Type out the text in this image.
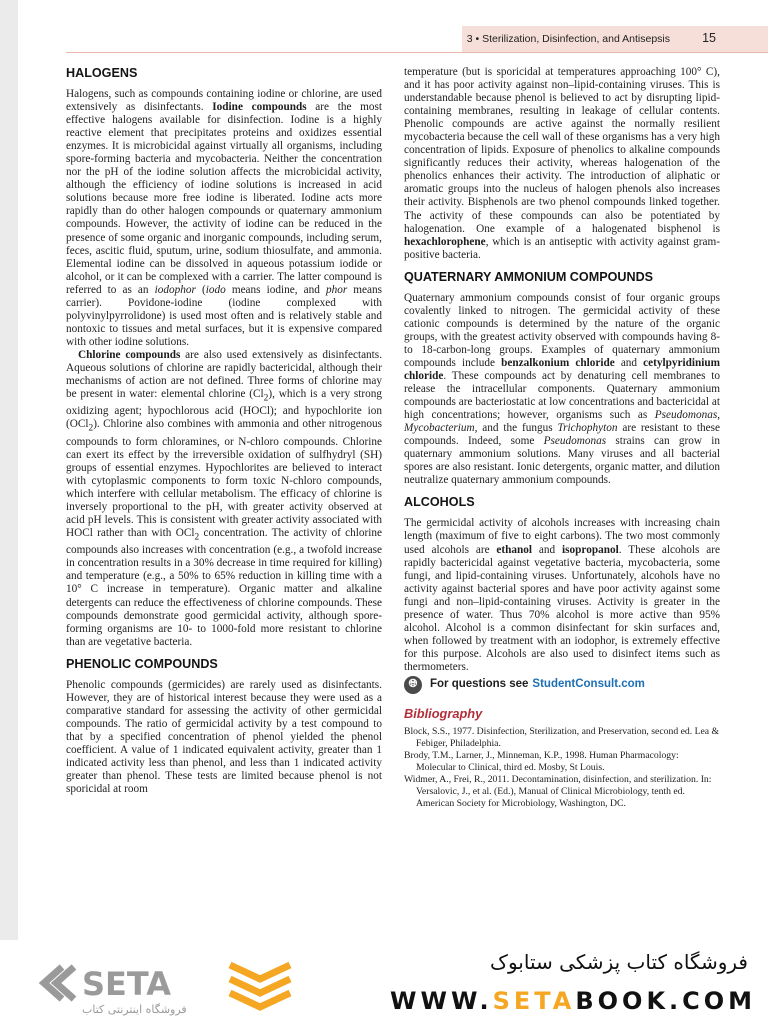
3 • Sterilization, Disinfection, and Antisepsis	15
HALOGENS

Halogens, such as compounds containing iodine or chlorine, are used extensively as disinfectants. Iodine compounds are the most effective halogens available for disinfection. Iodine is a highly reactive element that precipitates proteins and oxidizes essential enzymes. It is microbicidal against virtually all organisms, including spore-forming bacteria and mycobacteria. Neither the concentration nor the pH of the iodine solution affects the microbicidal activity, although the efficiency of iodine solutions is increased in acid solutions because more free iodine is liberated. Iodine acts more rapidly than do other halogen compounds or quaternary ammonium compounds. However, the activity of iodine can be reduced in the presence of some organic and inorganic compounds, including serum, feces, ascitic fluid, sputum, urine, sodium thiosulfate, and ammonia. Elemental iodine can be dissolved in aqueous potassium iodide or alcohol, or it can be complexed with a carrier. The latter compound is referred to as an iodophor (iodo means iodine, and phor means carrier). Povidone-iodine (iodine complexed with polyvinylpyrrolidone) is used most often and is relatively stable and nontoxic to tissues and metal surfaces, but it is expensive compared with other iodine solutions.

Chlorine compounds are also used extensively as disinfectants. Aqueous solutions of chlorine are rapidly bactericidal, although their mechanisms of action are not defined. Three forms of chlorine may be present in water: elemental chlorine $(Cl_2)$, which is a very strong oxidizing agent; hypochlorous acid (HOCl); and hypochlorite ion (OCl$_2$). Chlorine also combines with ammonia and other nitrogenous compounds to form chloramines, or N-chloro compounds. Chlorine can exert its effect by the irreversible oxidation of sulfhydryl (SH) groups of essential enzymes. Hypochlorites are believed to interact with cytoplasmic components to form toxic N-chloro compounds, which interfere with cellular metabolism. The efficacy of chlorine is inversely proportional to the pH, with greater activity observed at acid pH levels. This is consistent with greater activity associated with HOCl rather than with OCl$_2$ concentration. The activity of chlorine compounds also increases with concentration (e.g., a twofold increase in concentration results in a 30% decrease in time required for killing) and temperature (e.g., a 50% to 65% reduction in killing time with a 10° C increase in temperature). Organic matter and alkaline detergents can reduce the effectiveness of chlorine compounds. These compounds demonstrate good germicidal activity, although spore-forming organisms are 10- to 1000-fold more resistant to chlorine than are vegetative bacteria.

PHENOLIC COMPOUNDS

Phenolic compounds (germicides) are rarely used as disinfectants. However, they are of historical interest because they were used as a comparative standard for assessing the activity of other germicidal compounds. The ratio of germicidal activity by a test compound to that by a specified concentration of phenol yielded the phenol coefficient. A value of 1 indicated equivalent activity, greater than 1 indicated activity less than phenol, and less than 1 indicated activity greater than phenol. These tests are limited because phenol is not sporicidal at room

temperature (but is sporicidal at temperatures approaching 100° C), and it has poor activity against non–lipid-containing viruses. This is understandable because phenol is believed to act by disrupting lipid-containing membranes, resulting in leakage of cellular contents. Phenolic compounds are active against the normally resilient mycobacteria because the cell wall of these organisms has a very high concentration of lipids. Exposure of phenolics to alkaline compounds significantly reduces their activity, whereas halogenation of the phenolics enhances their activity. The introduction of aliphatic or aromatic groups into the nucleus of halogen phenols also increases their activity. Bisphenols are two phenol compounds linked together. The activity of these compounds can also be potentiated by halogenation. One example of a halogenated bisphenol is hexachlorophene, which is an antiseptic with activity against gram-positive bacteria.

QUATERNARY AMMONIUM COMPOUNDS

Quaternary ammonium compounds consist of four organic groups covalently linked to nitrogen. The germicidal activity of these cationic compounds is determined by the nature of the organic groups, with the greatest activity observed with compounds having 8- to 18-carbon-long groups. Examples of quaternary ammonium compounds include benzalkonium chloride and cetylpyridinium chloride. These compounds act by denaturing cell membranes to release the intracellular components. Quaternary ammonium compounds are bacteriostatic at low concentrations and bactericidal at high concentrations; however, organisms such as Pseudomonas, Mycobacterium, and the fungus Trichophyton are resistant to these compounds. Indeed, some Pseudomonas strains can grow in quaternary ammonium solutions. Many viruses and all bacterial spores are also resistant. Ionic detergents, organic matter, and dilution neutralize quaternary ammonium compounds.

ALCOHOLS

The germicidal activity of alcohols increases with increasing chain length (maximum of five to eight carbons). The two most commonly used alcohols are ethanol and isopropanol. These alcohols are rapidly bactericidal against vegetative bacteria, mycobacteria, some fungi, and lipid-containing viruses. Unfortunately, alcohols have no activity against bacterial spores and have poor activity against some fungi and non–lipid-containing viruses. Activity is greater in the presence of water. Thus 70% alcohol is more active than 95% alcohol. Alcohol is a common disinfectant for skin surfaces and, when followed by treatment with an iodophor, is extremely effective for this purpose. Alcohols are also used to disinfect items such as thermometers.

🌐︎	For questions see StudentConsult.com
Bibliography
Block, S.S., 1977. Disinfection, Sterilization, and Preservation, second ed. Lea & Febiger, Philadelphia.
Brody, T.M., Larner, J., Minneman, K.P., 1998. Human Pharmacology: Molecular to Clinical, third ed. Mosby, St Louis.
Widmer, A., Frei, R., 2011. Decontamination, disinfection, and sterilization. In: Versalovic, J., et al. (Ed.), Manual of Clinical Microbiology, tenth ed. American Society for Microbiology, Washington, DC.
SETA
فروشگاه اینترنتی کتاب
فروشگاه کتاب پزشکی ستابوک
WWW.SETABOOK.COM
